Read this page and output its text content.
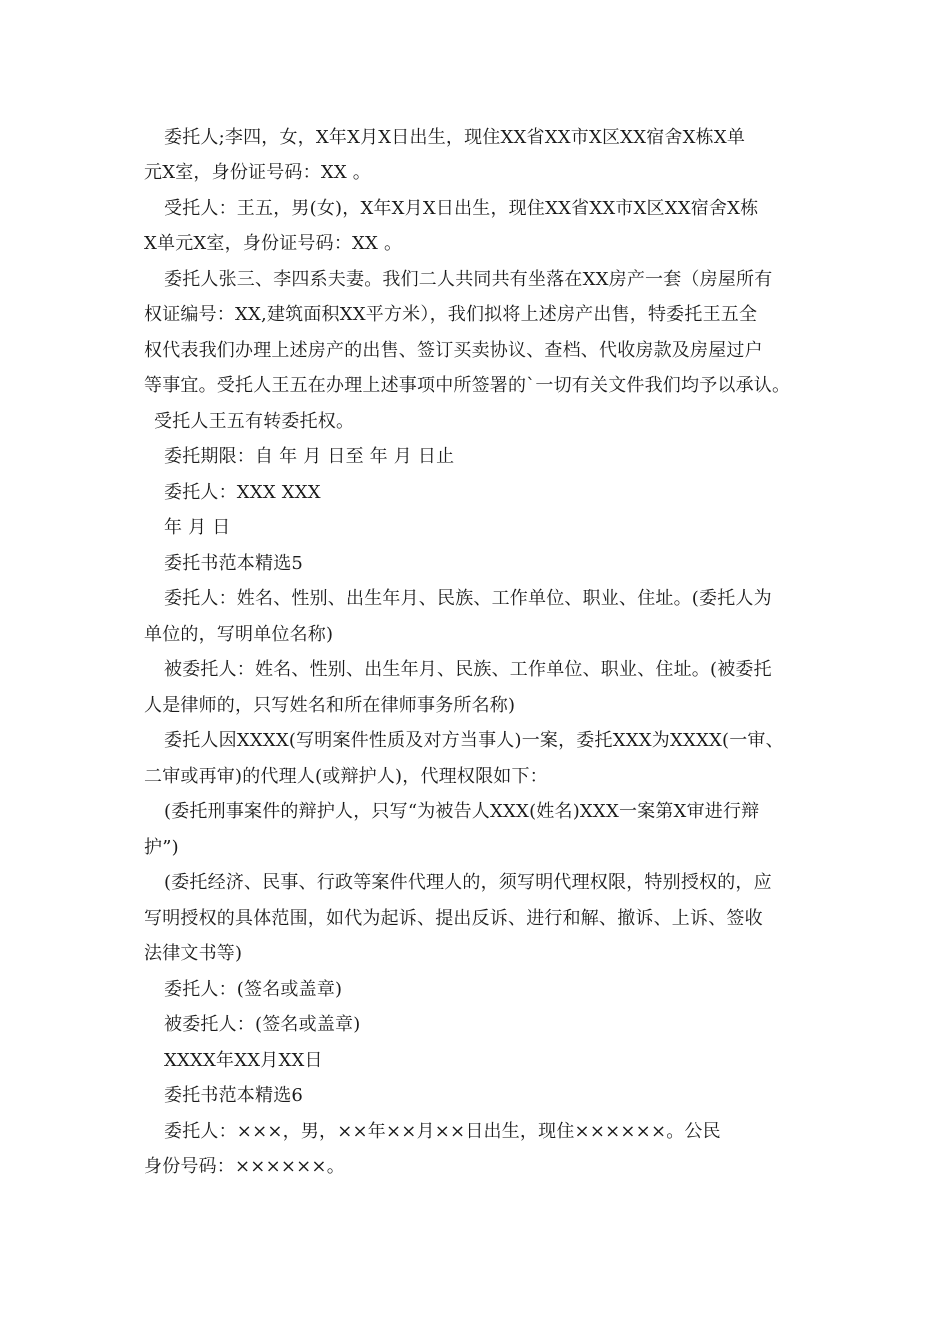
委托人;李四，女，X年X月X日出生，现住XX省XX市X区XX宿舍X栋X单
元X室，身份证号码：XX 。
受托人：王五，男(女)，X年X月X日出生，现住XX省XX市X区XX宿舍X栋
X单元X室，身份证号码：XX 。
委托人张三、李四系夫妻。我们二人共同共有坐落在XX房产一套（房屋所有
权证编号：XX,建筑面积XX平方米），我们拟将上述房产出售，特委托王五全
权代表我们办理上述房产的出售、签订买卖协议、查档、代收房款及房屋过户
等事宜。受托人王五在办理上述事项中所签署的`一切有关文件我们均予以承认。
受托人王五有转委托权。
委托期限：自 年 月 日至 年 月 日止
委托人：XXX XXX
年 月 日
委托书范本精选5
委托人：姓名、性别、出生年月、民族、工作单位、职业、住址。(委托人为
单位的，写明单位名称)
被委托人：姓名、性别、出生年月、民族、工作单位、职业、住址。(被委托
人是律师的，只写姓名和所在律师事务所名称)
委托人因XXXX(写明案件性质及对方当事人)一案，委托XXX为XXXX(一审、
二审或再审)的代理人(或辩护人)，代理权限如下：
(委托刑事案件的辩护人，只写“为被告人XXX(姓名)XXX一案第X审进行辩
护”)
(委托经济、民事、行政等案件代理人的，须写明代理权限，特别授权的，应
写明授权的具体范围，如代为起诉、提出反诉、进行和解、撤诉、上诉、签收
法律文书等)
委托人：(签名或盖章)
被委托人：(签名或盖章)
XXXX年XX月XX日
委托书范本精选6
委托人：×××，男，××年××月××日出生，现住××××××。公民
身份号码：××××××。
